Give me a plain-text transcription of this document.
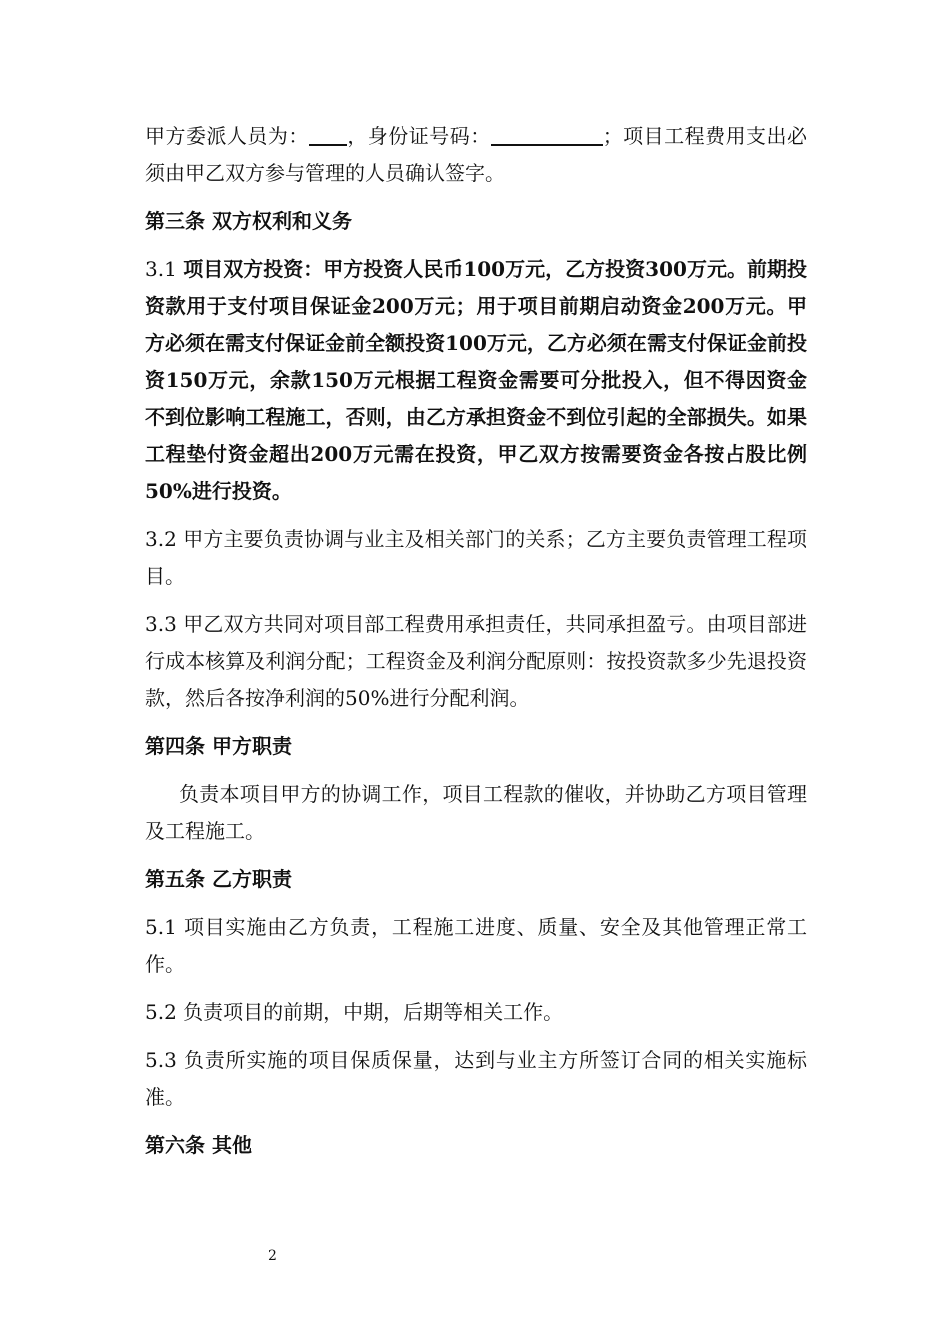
甲方委派人员为： ，身份证号码：	；项目工程费用支出必须由甲乙双方参与管理的人员确认签字。

第三条 双方权利和义务

3.1 项目双方投资：甲方投资人民币100万元，乙方投资300万元。前期投资款用于支付项目保证金200万元；用于项目前期启动资金200万元。甲方必须在需支付保证金前全额投资100万元，乙方必须在需支付保证金前投资150万元，余款150万元根据工程资金需要可分批投入，但不得因资金不到位影响工程施工，否则，由乙方承担资金不到位引起的全部损失。如果工程垫付资金超出200万元需在投资，甲乙双方按需要资金各按占股比例50%进行投资。

3.2 甲方主要负责协调与业主及相关部门的关系；乙方主要负责管理工程项目。

3.3 甲乙双方共同对项目部工程费用承担责任，共同承担盈亏。由项目部进行成本核算及利润分配；工程资金及利润分配原则：按投资款多少先退投资款，然后各按净利润的50%进行分配利润。

第四条 甲方职责

负责本项目甲方的协调工作，项目工程款的催收，并协助乙方项目管理及工程施工。

第五条 乙方职责

5.1 项目实施由乙方负责，工程施工进度、质量、安全及其他管理正常工作。

5.2 负责项目的前期，中期，后期等相关工作。

5.3 负责所实施的项目保质保量，达到与业主方所签订合同的相关实施标准。

第六条 其他

2
